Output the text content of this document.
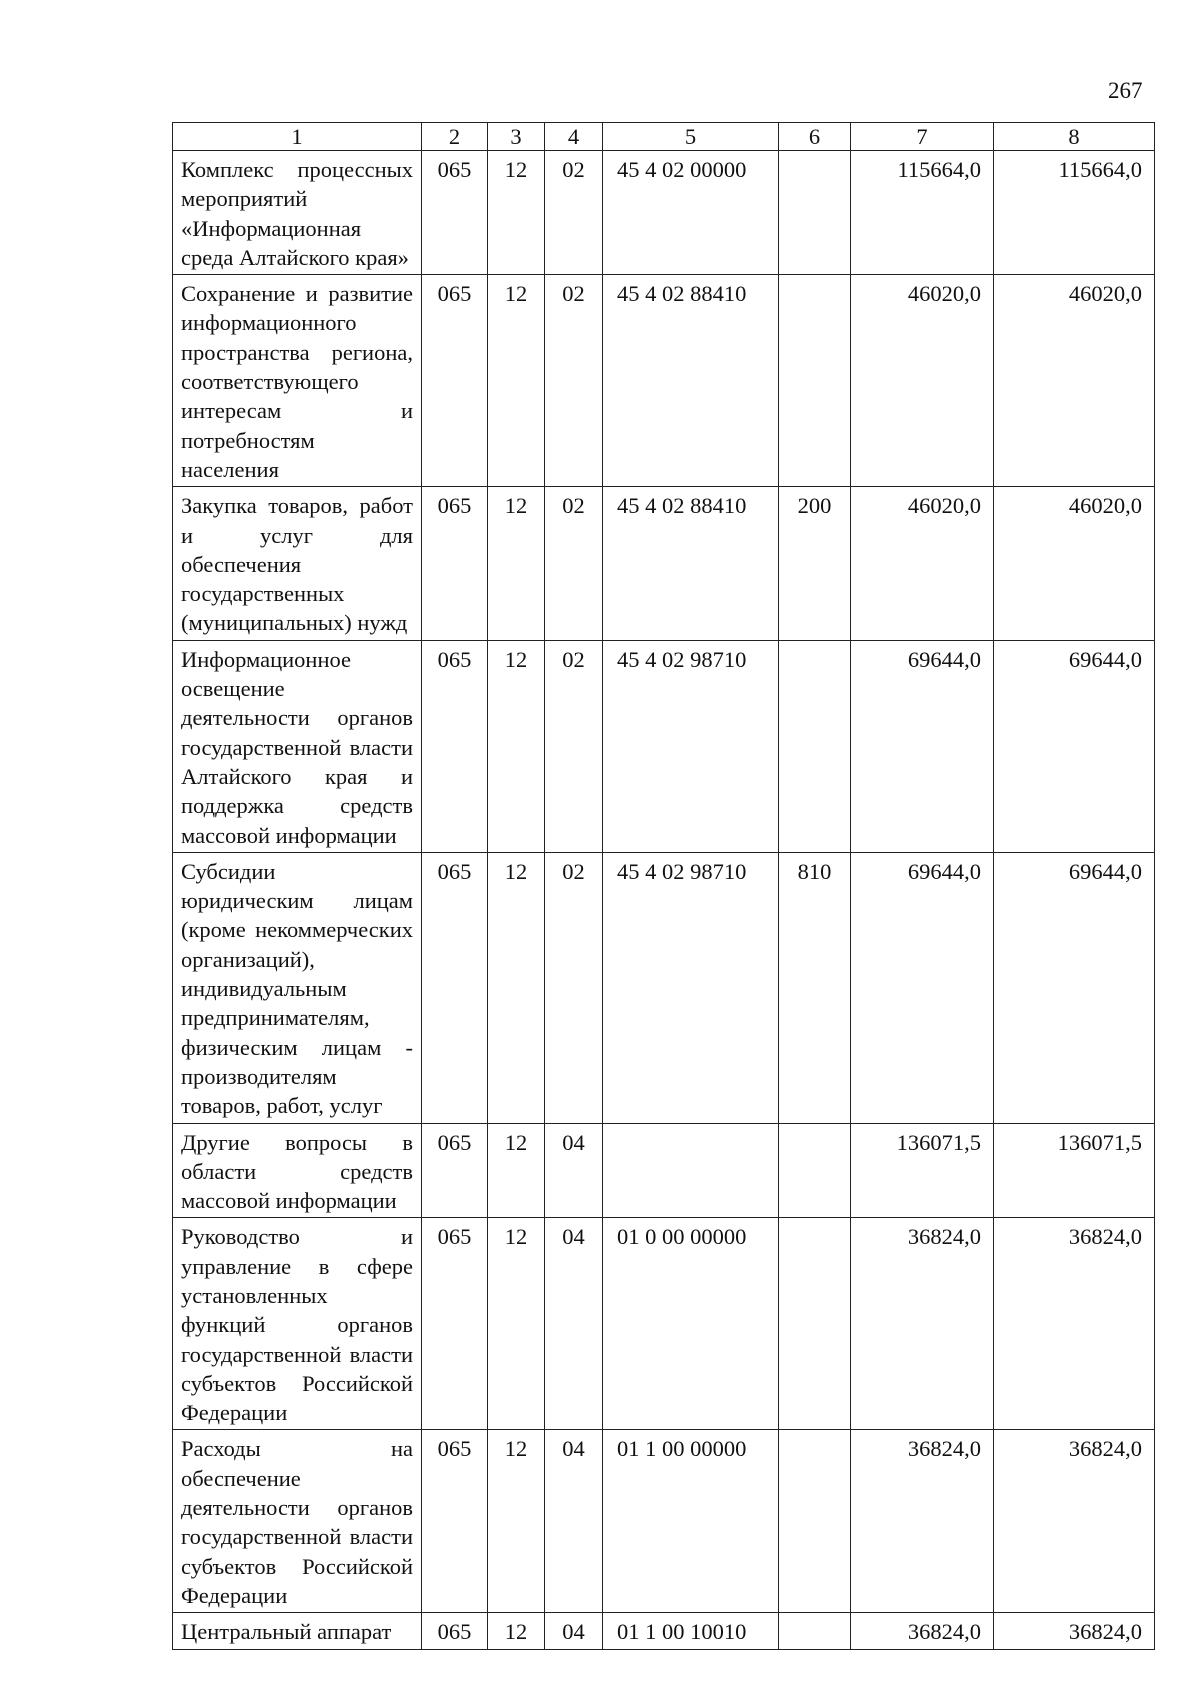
267
1	2	3	4	5	6	7	8
Комплекс процессных мероприятий «Информационная среда Алтайского края»	065	12	02	45 4 02 00000		115664,0	115664,0
Сохранение и развитие информационного пространства региона, соответствующего интересам и потребностям населения	065	12	02	45 4 02 88410		46020,0	46020,0
Закупка товаров, работ и услуг для обеспечения государственных (муниципальных) нужд	065	12	02	45 4 02 88410	200	46020,0	46020,0
Информационное освещение деятельности органов государственной власти Алтайского края и поддержка средств массовой информации	065	12	02	45 4 02 98710		69644,0	69644,0
Субсидии юридическим лицам (кроме некоммерческих организаций), индивидуальным предпринимателям, физическим лицам - производителям товаров, работ, услуг	065	12	02	45 4 02 98710	810	69644,0	69644,0
Другие вопросы в области средств массовой информации	065	12	04			136071,5	136071,5
Руководство и управление в сфере установленных функций органов государственной власти субъектов Российской Федерации	065	12	04	01 0 00 00000		36824,0	36824,0
Расходы на обеспечение деятельности органов государственной власти субъектов Российской Федерации	065	12	04	01 1 00 00000		36824,0	36824,0
Центральный аппарат	065	12	04	01 1 00 10010		36824,0	36824,0
